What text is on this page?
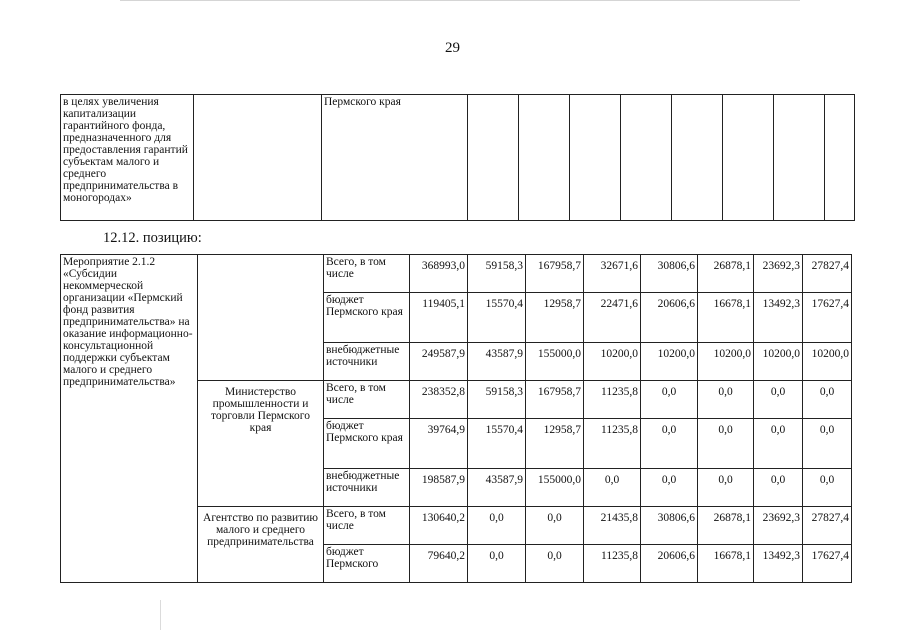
29
в целях увеличения капитализации гарантийного фонда, предназначенного для предоставления гарантий субъектам малого и среднего предпринимательства в моногородах»		Пермского края								
12.12. позицию:
Мероприятие 2.1.2 «Субсидии некоммерческой организации «Пермский фонд развития предпринимательства» на оказание информационно-консультационной поддержки субъектам малого и среднего предпринимательства»		Всего, в том числе	368993,0	59158,3	167958,7	32671,6	30806,6	26878,1	23692,3	27827,4
		бюджет Пермского края	119405,1	15570,4	12958,7	22471,6	20606,6	16678,1	13492,3	17627,4
		внебюджетные источники	249587,9	43587,9	155000,0	10200,0	10200,0	10200,0	10200,0	10200,0
	Министерство промышленности и торговли Пермского края	Всего, в том числе	238352,8	59158,3	167958,7	11235,8	0,0	0,0	0,0	0,0
		бюджет Пермского края	39764,9	15570,4	12958,7	11235,8	0,0	0,0	0,0	0,0
		внебюджетные источники	198587,9	43587,9	155000,0	0,0	0,0	0,0	0,0	0,0
	Агентство по развитию малого и среднего предпринимательства	Всего, в том числе	130640,2	0,0	0,0	21435,8	30806,6	26878,1	23692,3	27827,4
		бюджет Пермского	79640,2	0,0	0,0	11235,8	20606,6	16678,1	13492,3	17627,4
